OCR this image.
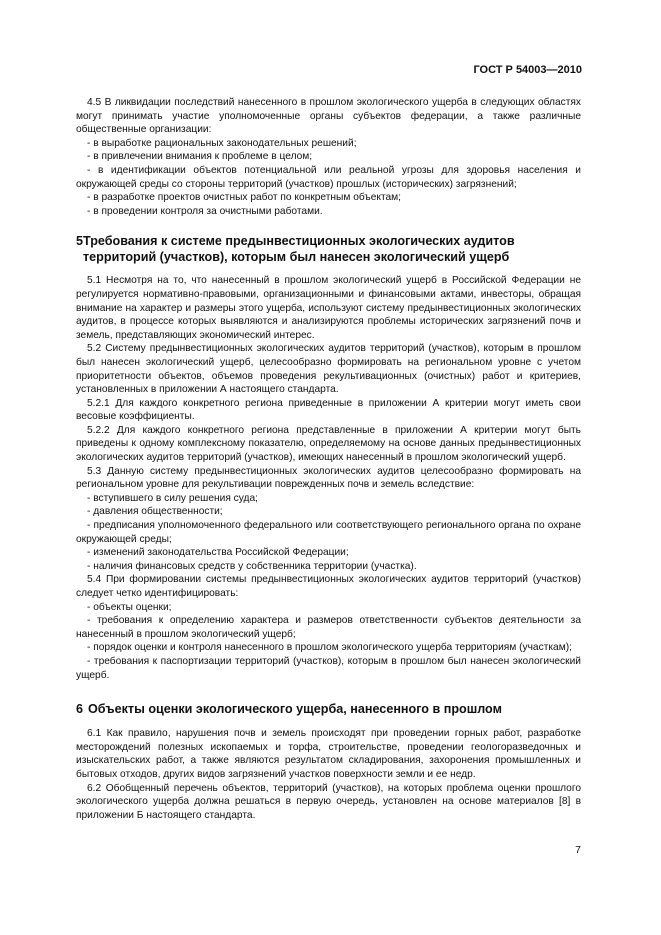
ГОСТ Р 54003—2010

4.5 В ликвидации последствий нанесенного в прошлом экологического ущерба в следующих областях могут принимать участие уполномоченные органы субъектов федерации, а также различные общественные организации:

- в выработке рациональных законодательных решений;

- в привлечении внимания к проблеме в целом;

- в идентификации объектов потенциальной или реальной угрозы для здоровья населения и окружающей среды со стороны территорий (участков) прошлых (исторических) загрязнений;

- в разработке проектов очистных работ по конкретным объектам;

- в проведении контроля за очистными работами.

5 Требования к системе предынвестиционных экологических аудитов территорий (участков), которым был нанесен экологический ущерб

5.1 Несмотря на то, что нанесенный в прошлом экологический ущерб в Российской Федерации не регулируется нормативно-правовыми, организационными и финансовыми актами, инвесторы, обращая внимание на характер и размеры этого ущерба, используют систему предынвестиционных экологических аудитов, в процессе которых выявляются и анализируются проблемы исторических загрязнений почв и земель, представляющих экономический интерес.

5.2 Систему предынвестиционных экологических аудитов территорий (участков), которым в прошлом был нанесен экологический ущерб, целесообразно формировать на региональном уровне с учетом приоритетности объектов, объемов проведения рекультивационных (очистных) работ и критериев, установленных в приложении А настоящего стандарта.

5.2.1 Для каждого конкретного региона приведенные в приложении А критерии могут иметь свои весовые коэффициенты.

5.2.2 Для каждого конкретного региона представленные в приложении А критерии могут быть приведены к одному комплексному показателю, определяемому на основе данных предынвестиционных экологических аудитов территорий (участков), имеющих нанесенный в прошлом экологический ущерб.

5.3 Данную систему предынвестиционных экологических аудитов целесообразно формировать на региональном уровне для рекультивации поврежденных почв и земель вследствие:

- вступившего в силу решения суда;

- давления общественности;

- предписания уполномоченного федерального или соответствующего регионального органа по охране окружающей среды;

- изменений законодательства Российской Федерации;

- наличия финансовых средств у собственника территории (участка).

5.4 При формировании системы предынвестиционных экологических аудитов территорий (участков) следует четко идентифицировать:

- объекты оценки;

- требования к определению характера и размеров ответственности субъектов деятельности за нанесенный в прошлом экологический ущерб;

- порядок оценки и контроля нанесенного в прошлом экологического ущерба территориям (участкам);

- требования к паспортизации территорий (участков), которым в прошлом был нанесен экологический ущерб.

6 Объекты оценки экологического ущерба, нанесенного в прошлом

6.1 Как правило, нарушения почв и земель происходят при проведении горных работ, разработке месторождений полезных ископаемых и торфа, строительстве, проведении геологоразведочных и изыскательских работ, а также являются результатом складирования, захоронения промышленных и бытовых отходов, других видов загрязнений участков поверхности земли и ее недр.

6.2 Обобщенный перечень объектов, территорий (участков), на которых проблема оценки прошлого экологического ущерба должна решаться в первую очередь, установлен на основе материалов [8] в приложении Б настоящего стандарта.

7
